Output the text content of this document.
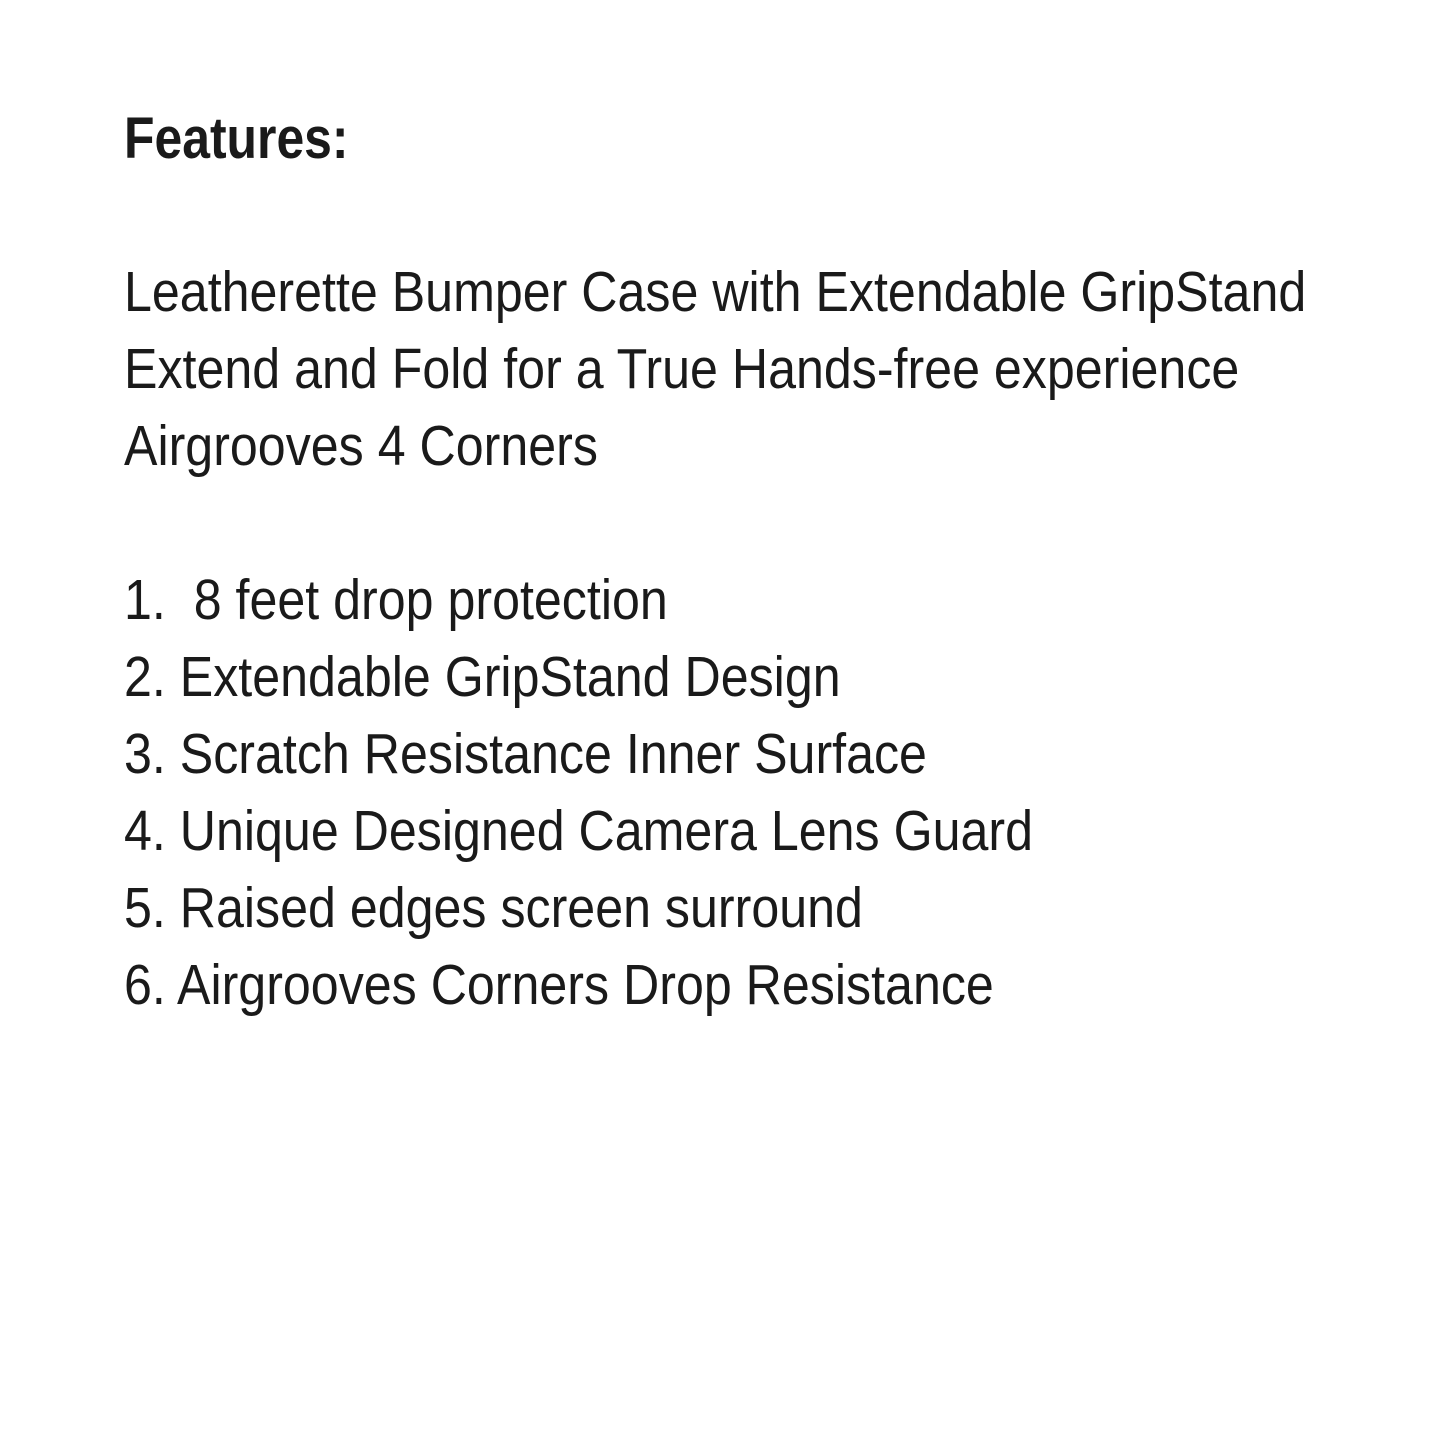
Features:
Leatherette Bumper Case with Extendable GripStand
Extend and Fold for a True Hands-free experience
Airgrooves 4 Corners
1.  8 feet drop protection
2. Extendable GripStand Design
3. Scratch Resistance Inner Surface
4. Unique Designed Camera Lens Guard
5. Raised edges screen surround
6. Airgrooves Corners Drop Resistance
